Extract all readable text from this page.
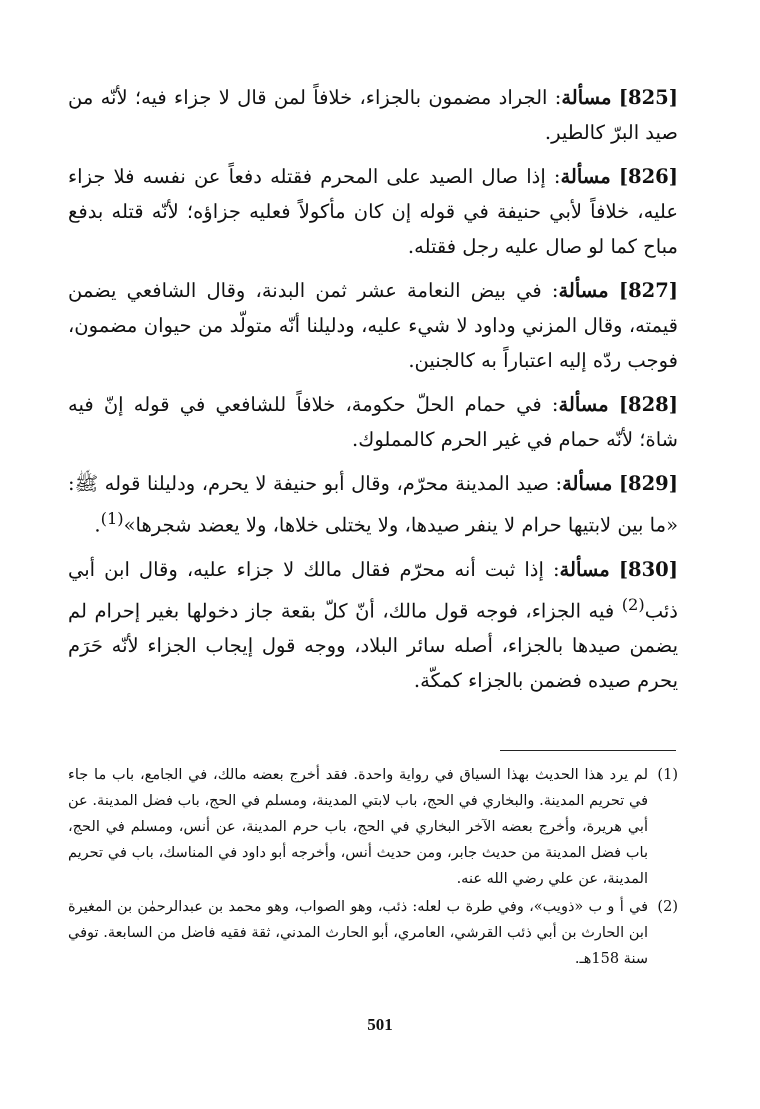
[825] مسألة: الجراد مضمون بالجزاء، خلافاً لمن قال لا جزاء فيه؛ لأنّه من صيد البرّ كالطير.

[826] مسألة: إذا صال الصيد على المحرم فقتله دفعاً عن نفسه فلا جزاء عليه، خلافاً لأبي حنيفة في قوله إن كان مأكولاً فعليه جزاؤه؛ لأنّه قتله بدفع مباح كما لو صال عليه رجل فقتله.

[827] مسألة: في بيض النعامة عشر ثمن البدنة، وقال الشافعي يضمن قيمته، وقال المزني وداود لا شيء عليه، ودليلنا أنّه متولّد من حيوان مضمون، فوجب ردّه إليه اعتباراً به كالجنين.

[828] مسألة: في حمام الحلّ حكومة، خلافاً للشافعي في قوله إنّ فيه شاة؛ لأنّه حمام في غير الحرم كالمملوك.

[829] مسألة: صيد المدينة محرّم، وقال أبو حنيفة لا يحرم، ودليلنا قوله ﷺ: «ما بين لابتيها حرام لا ينفر صيدها، ولا يختلى خلاها، ولا يعضد شجرها»$^{(1)}$.

[830] مسألة: إذا ثبت أنه محرّم فقال مالك لا جزاء عليه، وقال ابن أبي ذئب$^{(2)}$ فيه الجزاء، فوجه قول مالك، أنّ كلّ بقعة جاز دخولها بغير إحرام لم يضمن صيدها بالجزاء، أصله سائر البلاد، ووجه قول إيجاب الجزاء لأنّه حَرَم يحرم صيده فضمن بالجزاء كمكّة.

(1)
لم يرد هذا الحديث بهذا السياق في رواية واحدة. فقد أخرج بعضه مالك، في الجامع، باب ما جاء في تحريم المدينة. والبخاري في الحج، باب لابتي المدينة، ومسلم في الحج، باب فضل المدينة. عن أبي هريرة، وأخرج بعضه الآخر البخاري في الحج، باب حرم المدينة، عن أنس، ومسلم في الحج، باب فضل المدينة من حديث جابر، ومن حديث أنس، وأخرجه أبو داود في المناسك، باب في تحريم المدينة، عن علي رضي الله عنه.
(2)
في أ و ب «ذويب»، وفي طرة ب لعله: ذئب، وهو الصواب، وهو محمد بن عبدالرحمٰن بن المغيرة ابن الحارث بن أبي ذئب القرشي، العامري، أبو الحارث المدني، ثقة فقيه فاضل من السابعة. توفي سنة 158هـ.
501
